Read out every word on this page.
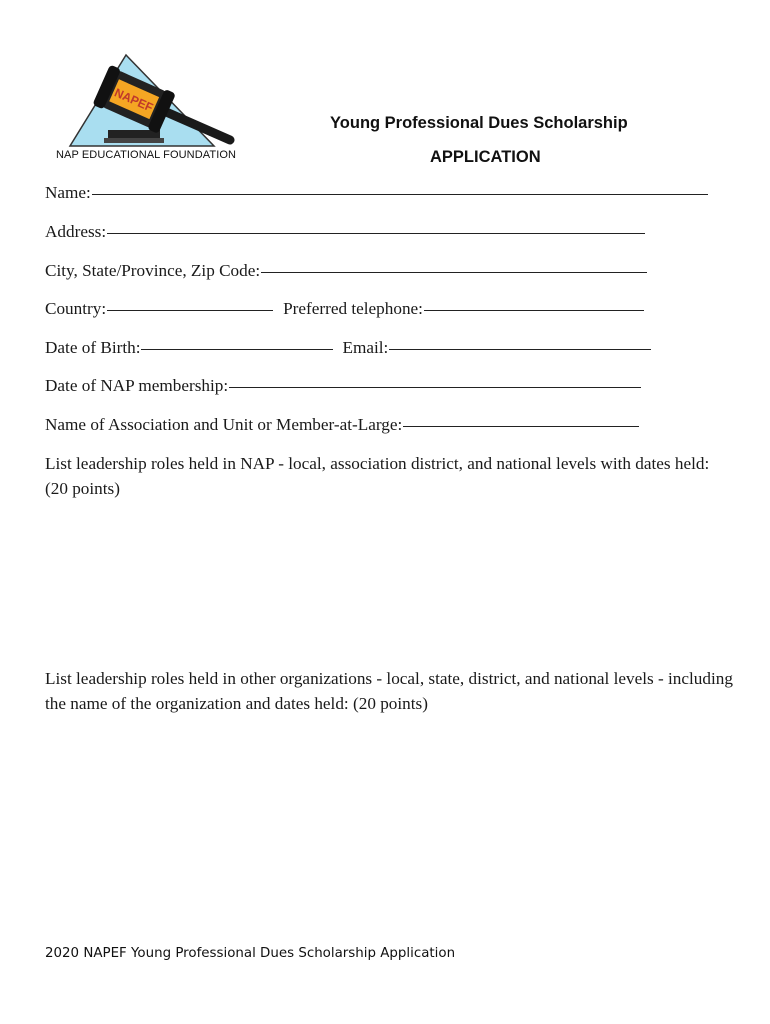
NAPEF
NAP EDUCATIONAL FOUNDATION
Young Professional Dues Scholarship
APPLICATION
Name:
Address:
City, State/Province, Zip Code:
Country:	Preferred telephone:
Date of Birth:	Email:
Date of NAP membership:
Name of Association and Unit or Member-at-Large:
List leadership roles held in NAP - local, association district, and national levels with dates held: (20 points)
List leadership roles held in other organizations - local, state, district, and national levels - including the name of the organization and dates held: (20 points)
2020 NAPEF Young Professional Dues Scholarship Application
